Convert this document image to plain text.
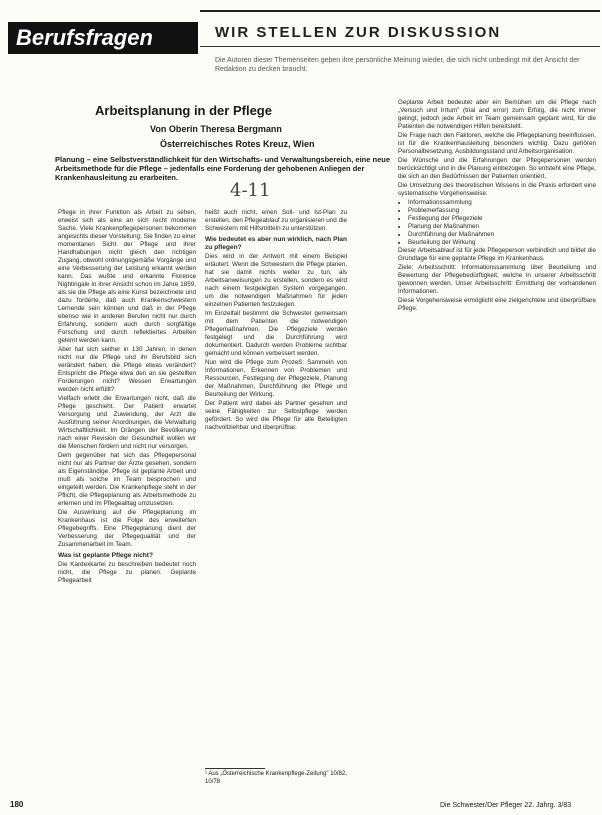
Berufsfragen	WIR STELLEN ZUR DISKUSSION
Die Autoren dieser Themenseiten geben ihre persönliche Meinung wieder, die sich nicht unbedingt mit der Ansicht der Redaktion zu decken braucht.
Arbeitsplanung in der Pflege
Von Oberin Theresa Bergmann
Österreichisches Rotes Kreuz, Wien
Planung – eine Selbstverständlichkeit für den Wirtschafts- und Verwaltungsbereich, eine neue Arbeitsmethode für die Pflege – jedenfalls eine Forderung der gehobenen Anliegen der Krankenhausleitung zu erarbeiten.
4-11

Pflege in ihrer Funktion als Arbeit zu sehen, erweist sich als eine an sich recht moderne Sache. Viele Krankenpflegepersonen bekommen angesichts dieser Vorstellung: Sie finden zu einer momentanen Sicht der Pflege und ihrer Handhabungen nicht gleich den richtigen Zugang, obwohl ordnungsgemäße Vorgänge und eine Verbesserung der Leistung erkannt werden kann. Das wußte und erkannte Florence Nightingale in ihrer Ansicht schon im Jahre 1859, als sie die Pflege als eine Kunst bezeichnete und dazu forderte, daß auch Krankenschwestern Lernende sein können und daß in der Pflege ebenso wie in anderen Berufen nicht nur durch Erfahrung, sondern auch durch sorgfältige Forschung und durch reflektiertes Arbeiten gelernt werden kann.

Aber hat sich seither in 130 Jahren, in denen nicht nur die Pflege und ihr Berufsbild sich verändert haben, die Pflege etwas verändert? Entspricht die Pflege etwa den an sie gestellten Forderungen nicht? Wessen Erwartungen werden nicht erfüllt?

Vielfach erlebt die Erwartungen nicht, daß die Pflege geschieht. Der Patient erwartet Versorgung und Zuwendung, der Arzt die Ausführung seiner Anordnungen, die Verwaltung Wirtschaftlichkeit. Im Drängen der Bevölkerung nach einer Revision der Gesundheit wollen wir die Menschen fördern und nicht nur versorgen.

Dem gegenüber hat sich das Pflegepersonal nicht nur als Partner der Ärzte gesehen, sondern als Eigenständige. Pflege ist geplante Arbeit und muß als solche im Team besprochen und eingeteilt werden. Die Krankenpflege steht in der Pflicht, die Pflegeplanung als Arbeitsmethode zu erlernen und im Pflegealltag umzusetzen.

Die Auswirkung auf die Pflegeplanung im Krankenhaus ist die Folge des erweiterten Pflegebegriffs. Eine Pflegeplanung dient der Verbesserung der Pflegequalität und der Zusammenarbeit im Team.

Was ist geplante Pflege nicht?

Die Kardexkartei zu beschreiben bedeutet noch nicht, die Pflege zu planen. Geplante Pflegearbeit

heißt auch nicht, einen Soll- und Ist-Plan zu erstellen, den Pflegeablauf zu organisieren und die Schwestern mit Hilfsmitteln zu unterstützen.

Wie bedeutet es aber nun wirklich, nach Plan zu pflegen?

Dies wird in der Antwort mit einem Beispiel erläutert. Wenn die Schwestern die Pflege planen, hat sie damit nichts weiter zu tun, als Arbeitsanweisungen zu erstellen, sondern es wird nach einem festgelegten System vorgegangen, um die notwendigen Maßnahmen für jeden einzelnen Patienten festzulegen.

Im Einzelfall bestimmt die Schwester gemeinsam mit dem Patienten die notwendigen Pflegemaßnahmen. Die Pflegeziele werden festgelegt und die Durchführung wird dokumentiert. Dadurch werden Probleme sichtbar gemacht und können verbessert werden.

Nun wird die Pflege zum Prozeß: Sammeln von Informationen, Erkennen von Problemen und Ressourcen, Festlegung der Pflegeziele, Planung der Maßnahmen, Durchführung der Pflege und Beurteilung der Wirkung.

Der Patient wird dabei als Partner gesehen und seine Fähigkeiten zur Selbstpflege werden gefördert. So wird die Pflege für alle Beteiligten nachvollziehbar und überprüfbar.

Geplante Arbeit bedeutet aber ein Bemühen um die Pflege nach „Versuch und Irrtum" (trial and error) zum Erfolg, die nicht immer gelingt, jedoch jede Arbeit im Team gemeinsam geplant wird, für die Patienten die notwendigen Hilfen bereitstellt.

Die Frage nach den Faktoren, welche die Pflegeplanung beeinflussen, ist für die Krankenhausleitung besonders wichtig. Dazu gehören Personalbesetzung, Ausbildungsstand und Arbeitsorganisation.

Die Wünsche und die Erfahrungen der Pflegepersonen werden berücksichtigt und in die Planung einbezogen. So entsteht eine Pflege, die sich an den Bedürfnissen der Patienten orientiert.

Die Umsetzung des theoretischen Wissens in die Praxis erfordert eine systematische Vorgehensweise:

• Informationssammlung
• Problemerfassung
• Festlegung der Pflegeziele
• Planung der Maßnahmen
• Durchführung der Maßnahmen
• Beurteilung der Wirkung

Dieser Arbeitsablauf ist für jede Pflegeperson verbindlich und bildet die Grundlage für eine geplante Pflege im Krankenhaus.

Ziele: Arbeitsschritt: Informationssammlung über Beurteilung und Bewertung der Pflegebedürftigkeit, welche in unserer Arbeitsschritt gewonnen werden. Unser Arbeitsschritt: Ermittlung der vorhandenen Informationen.

Diese Vorgehensweise ermöglicht eine zielgerichtete und überprüfbare Pflege.

¹ Aus „Österreichische Krankenpflege-Zeitung" 10/82, 10/78
180	Die Schwester/Der Pfleger 22. Jahrg. 3/83
